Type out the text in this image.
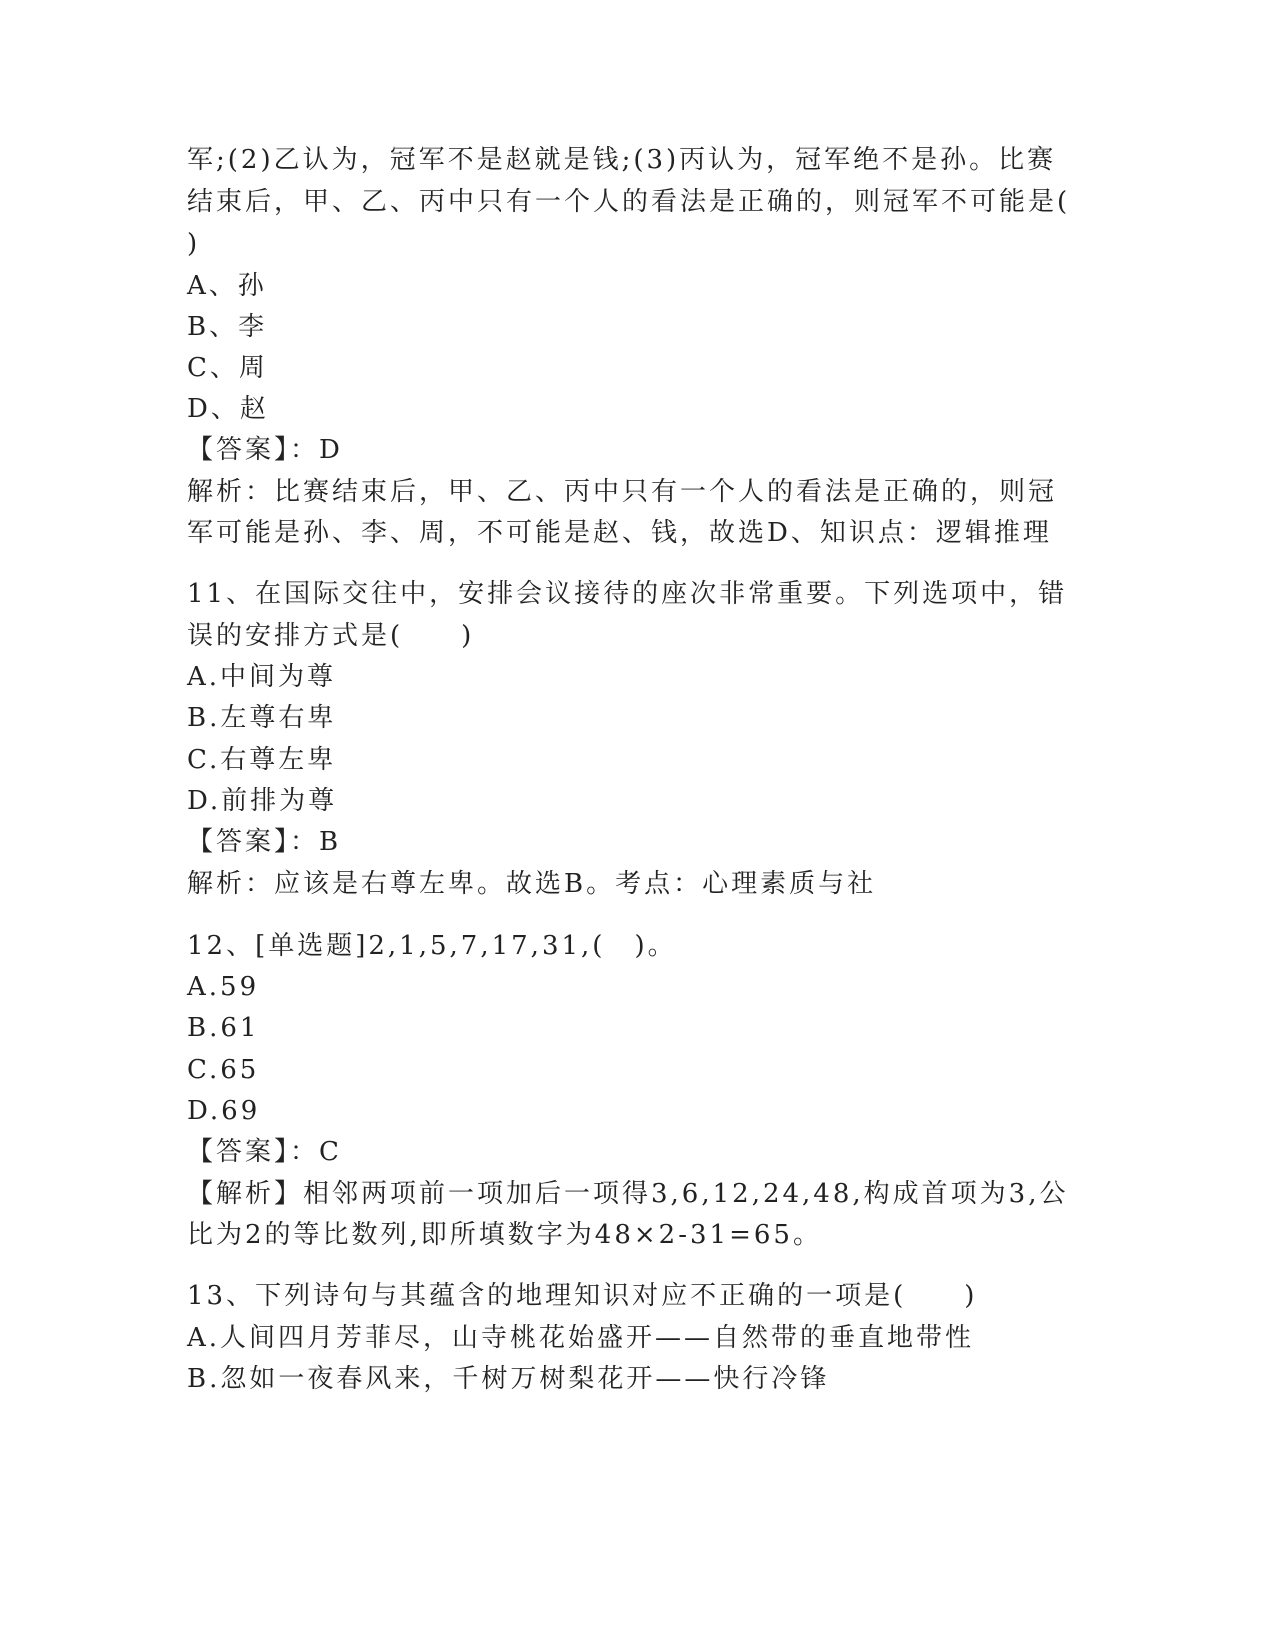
军;(2)乙认为，冠军不是赵就是钱;(3)丙认为，冠军绝不是孙。比赛
结束后，甲、乙、丙中只有一个人的看法是正确的，则冠军不可能是(
)
A、孙
B、李
C、周
D、赵
【答案】：D
解析：比赛结束后，甲、乙、丙中只有一个人的看法是正确的，则冠
军可能是孙、李、周，不可能是赵、钱，故选D、知识点：逻辑推理
11、在国际交往中，安排会议接待的座次非常重要。下列选项中，错
误的安排方式是(　　)
A.中间为尊
B.左尊右卑
C.右尊左卑
D.前排为尊
【答案】：B
解析：应该是右尊左卑。故选B。考点：心理素质与社
12、[单选题]2,1,5,7,17,31,(　)。
A.59
B.61
C.65
D.69
【答案】：C
【解析】相邻两项前一项加后一项得3,6,12,24,48,构成首项为3,公
比为2的等比数列,即所填数字为48×2-31=65。
13、下列诗句与其蕴含的地理知识对应不正确的一项是(　　)
A.人间四月芳菲尽，山寺桃花始盛开——自然带的垂直地带性
B.忽如一夜春风来，千树万树梨花开——快行冷锋
